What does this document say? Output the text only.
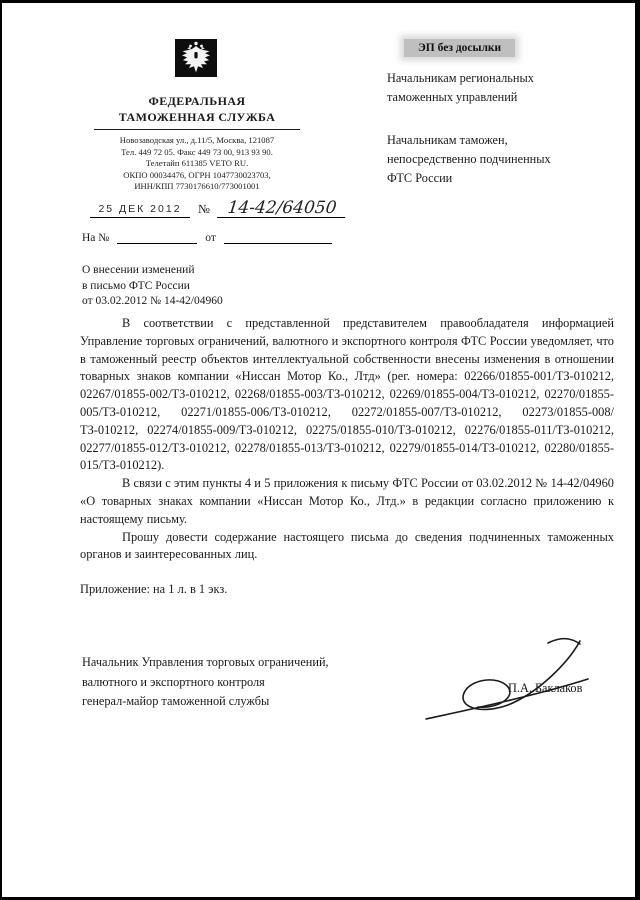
ЭП без досылки
ФЕДЕРАЛЬНАЯ
ТАМОЖЕННАЯ СЛУЖБА
Новозаводская ул., д.11/5, Москва, 121087
Тел. 449 72 05. Факс 449 73 00, 913 93 90.
Телетайп 611385 VETO RU.
ОКПО 00034476, ОГРН 1047730023703,
ИНН/КПП 7730176610/773001001
25 ДЕК 2012	№ 14-42/64050
На №	от
О внесении изменений
в письмо ФТС России
от 03.02.2012 № 14-42/04960
Начальникам региональных
таможенных управлений
Начальникам таможен,
непосредственно подчиненных
ФТС России

В соответствии с представленной представителем правообладателя информацией Управление торговых ограничений, валютного и экспортного контроля ФТС России уведомляет, что в таможенный реестр объектов интеллектуальной собственности внесены изменения в отношении товарных знаков компании «Ниссан Мотор Ко., Лтд» (рег. номера: 02266/01855-001/ТЗ-010212, 02267/01855-002/ТЗ-010212, 02268/01855-003/ТЗ-010212, 02269/01855-004/ТЗ-010212, 02270/01855-005/ТЗ-010212, 02271/01855-006/ТЗ-010212, 02272/01855-007/ТЗ-010212, 02273/01855-008/ТЗ-010212, 02274/01855-009/ТЗ-010212, 02275/01855-010/ТЗ-010212, 02276/01855-011/ТЗ-010212, 02277/01855-012/ТЗ-010212, 02278/01855-013/ТЗ-010212, 02279/01855-014/ТЗ-010212, 02280/01855-015/ТЗ-010212).

В связи с этим пункты 4 и 5 приложения к письму ФТС России от 03.02.2012 № 14-42/04960 «О товарных знаках компании «Ниссан Мотор Ко., Лтд.» в редакции согласно приложению к настоящему письму.

Прошу довести содержание настоящего письма до сведения подчиненных таможенных органов и заинтересованных лиц.

Приложение: на 1 л. в 1 экз.

Начальник Управления торговых ограничений,
валютного и экспортного контроля
генерал-майор таможенной службы
П.А. Баклаков
